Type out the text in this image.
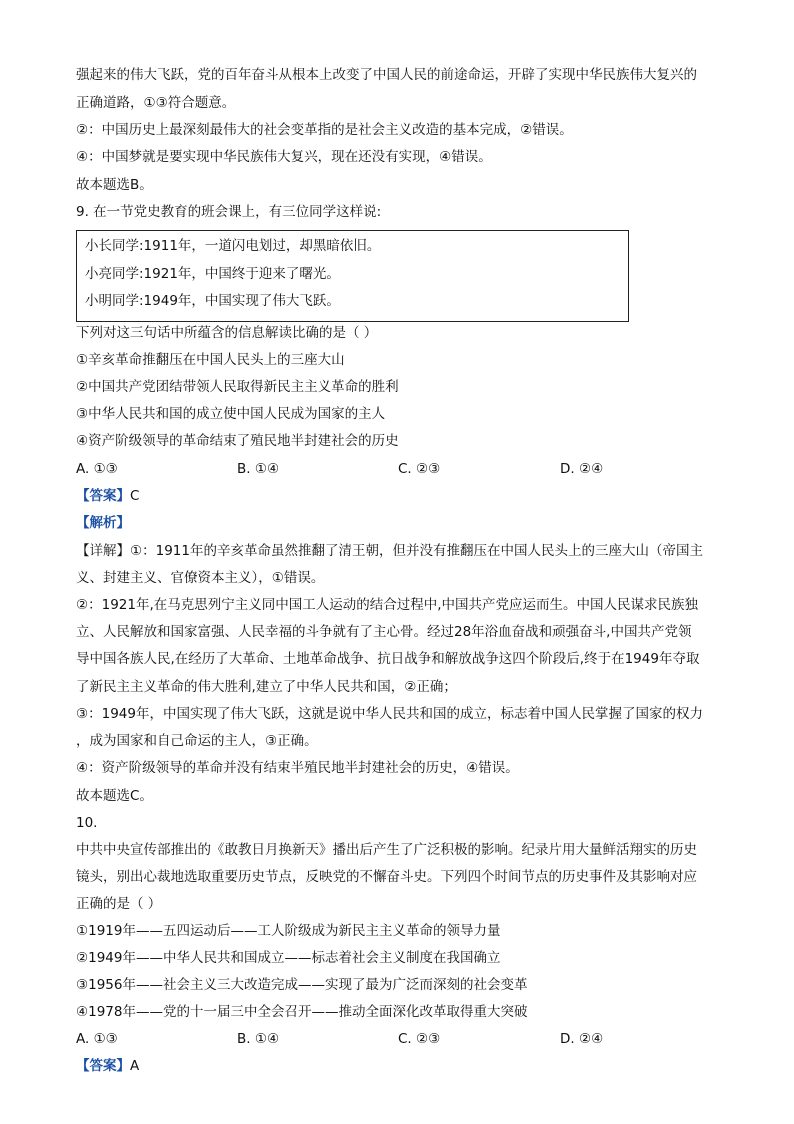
强起来的伟大飞跃，党的百年奋斗从根本上改变了中国人民的前途命运，开辟了实现中华民族伟大复兴的
正确道路，①③符合题意。
②：中国历史上最深刻最伟大的社会变革指的是社会主义改造的基本完成，②错误。
④：中国梦就是要实现中华民族伟大复兴，现在还没有实现，④错误。
故本题选B。
9. 在一节党史教育的班会课上，有三位同学这样说:
小长同学:1911年，一道闪电划过，却黑暗依旧。
小亮同学:1921年，中国终于迎来了曙光。
小明同学:1949年，中国实现了伟大飞跃。
下列对这三句话中所蕴含的信息解读比确的是（ ）
①辛亥革命推翻压在中国人民头上的三座大山
②中国共产党团结带领人民取得新民主主义革命的胜利
③中华人民共和国的成立使中国人民成为国家的主人
④资产阶级领导的革命结束了殖民地半封建社会的历史
A. ①③	B. ①④	C. ②③	D. ②④
【答案】C
【解析】
【详解】①：1911年的辛亥革命虽然推翻了清王朝，但并没有推翻压在中国人民头上的三座大山（帝国主
义、封建主义、官僚资本主义），①错误。
②：1921年,在马克思列宁主义同中国工人运动的结合过程中,中国共产党应运而生。中国人民谋求民族独
立、人民解放和国家富强、人民幸福的斗争就有了主心骨。经过28年浴血奋战和顽强奋斗,中国共产党领
导中国各族人民,在经历了大革命、土地革命战争、抗日战争和解放战争这四个阶段后,终于在1949年夺取
了新民主主义革命的伟大胜利,建立了中华人民共和国，②正确；
③：1949年，中国实现了伟大飞跃，这就是说中华人民共和国的成立，标志着中国人民掌握了国家的权力
，成为国家和自己命运的主人，③正确。
④：资产阶级领导的革命并没有结束半殖民地半封建社会的历史，④错误。
故本题选C。
10.
中共中央宣传部推出的《敢教日月换新天》播出后产生了广泛积极的影响。纪录片用大量鲜活翔实的历史
镜头，别出心裁地选取重要历史节点，反映党的不懈奋斗史。下列四个时间节点的历史事件及其影响对应
正确的是（ ）
①1919年——五四运动后——工人阶级成为新民主主义革命的领导力量
②1949年——中华人民共和国成立——标志着社会主义制度在我国确立
③1956年——社会主义三大改造完成——实现了最为广泛而深刻的社会变革
④1978年——党的十一届三中全会召开——推动全面深化改革取得重大突破
A. ①③	B. ①④	C. ②③	D. ②④
【答案】A
